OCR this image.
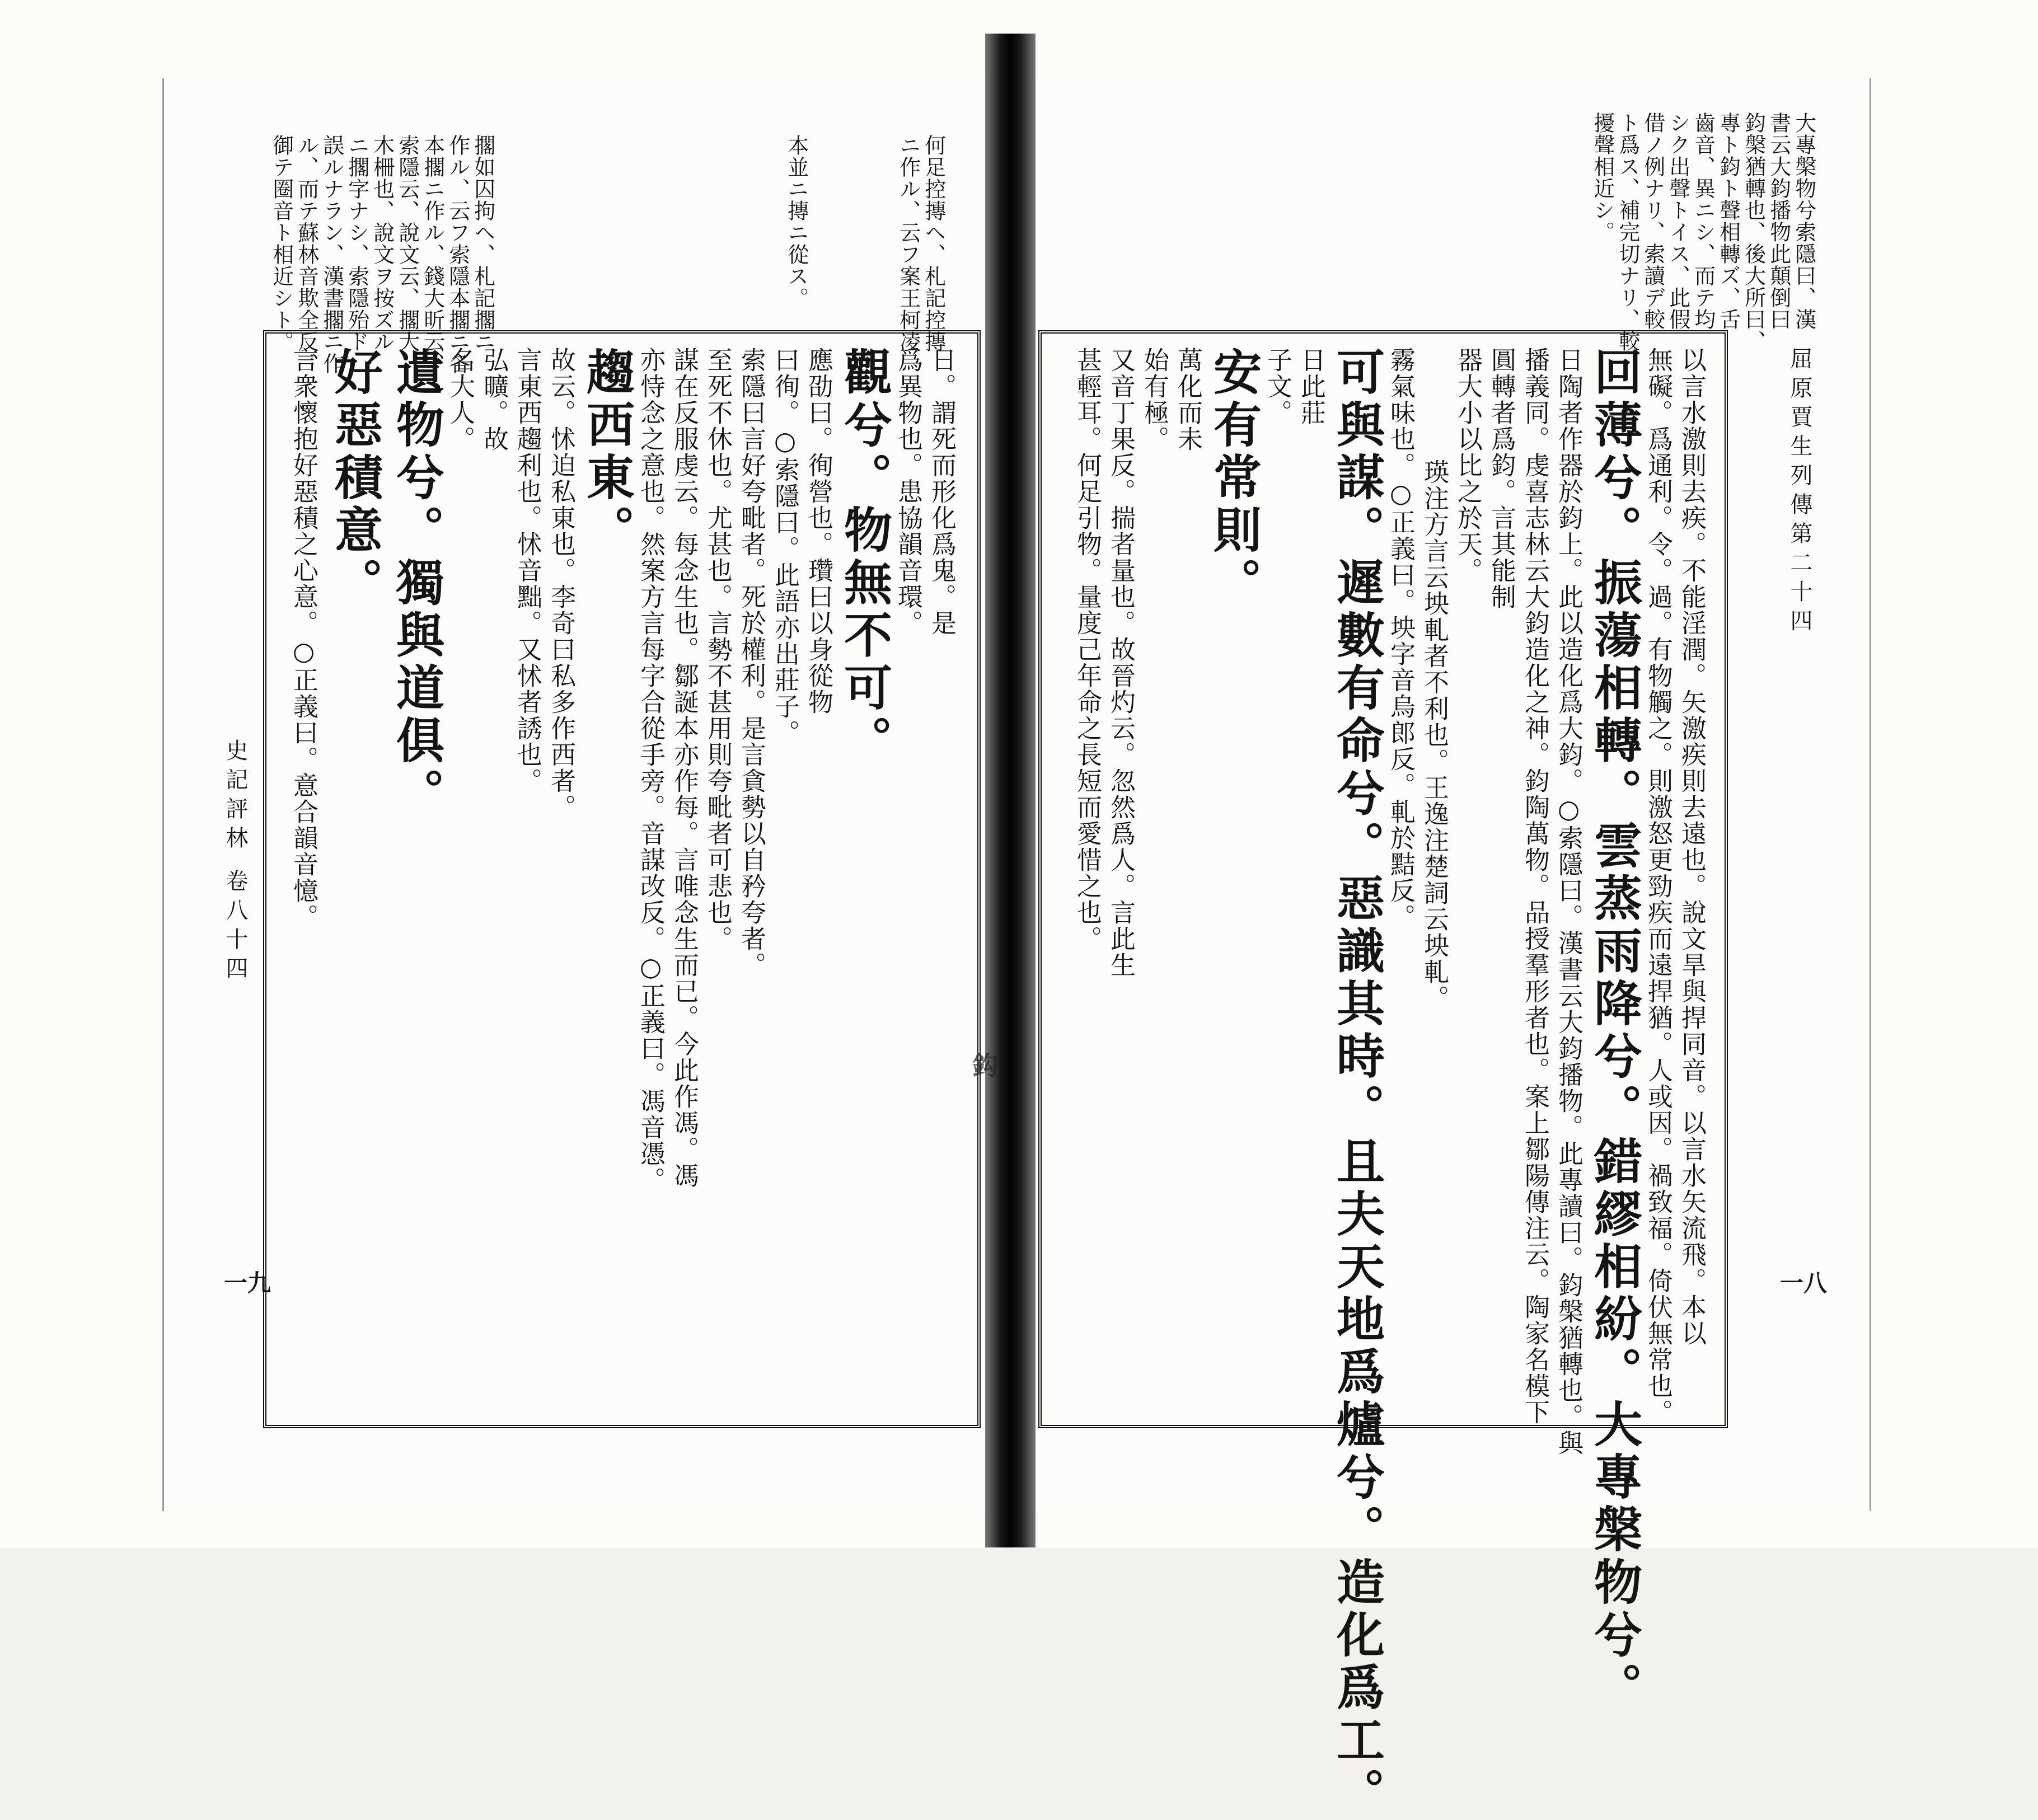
屈原賈生列傳第二十四
史記評林 卷八十四
一八
一九
鈎
大專槃物兮索隱曰、漢
書云大鈞播物此顛倒曰
鈞槃猶轉也、後大所曰、
專ト鈞ト聲相轉ズ、舌
齒音、異ニシ、而テ均
シク出聲トイス、此假
借ノ例ナリ、索讀デ較
ト爲ス、補完切ナリ、較
擾聲相近シ。
何足控摶ヘ、札記控摶
ニ作ル、云フ案王柯凌
本並ニ摶ニ從ス。
擱如囚拘ヘ、札記擱ニ
作ル、云フ索隱本擱ニ各
本擱ニ作ル、錢大昕云、
索隱云、說文云、擱大
木柵也、說文ヲ按ズル
ニ擱字ナシ、索隱殆ド
誤ルナラン、漢書擱ニ作
ル、而テ蘇林音欺全反、
御テ圈音ト相近シト。
以言水激則去疾。不能淫潤。矢激疾則去遠也。說文旱與捍同音。以言水矢流飛。本以
無礙。爲通利。令。過。有物觸之。則激怒更勁疾而遠捍猶。人或因。禍致福。倚伏無常也。
回薄兮。振蕩相轉。雲蒸雨降兮。錯繆相紛。大專槃物兮。
日陶者作器於鈞上。此以造化爲大鈞。○索隱曰。漢書云大鈞播物。此專讀曰。鈞槃猶轉也。與
播義同。虔喜志林云大鈞造化之神。鈞陶萬物。品授羣形者也。案上鄒陽傳注云。陶家名模下
圓轉者爲鈞。言其能制
器大小以比之於天。
瑛注方言云坱軋者不利也。王逸注楚詞云坱軋。
霧氣味也。○正義曰。坱字音烏郎反。軋於黠反。
可與謀。遲數有命兮。惡識其時。且夫天地爲爐兮。造化爲工。
日此莊
子文。
安有常則。
萬化而未
始有極。
又音丁果反。揣者量也。故晉灼云。忽然爲人。言此生
甚輕耳。何足引物。量度己年命之長短而愛惜之也。
日。謂死而形化爲鬼。是
爲異物也。患協韻音環。
觀兮。物無不可。
應劭曰。徇營也。瓚曰以身從物
曰徇。○索隱曰。此語亦出莊子。
索隱曰言好夸毗者。死於權利。是言貪勢以自矜夸者。
至死不休也。尤甚也。言勢不甚用則夸毗者可悲也。
謀在反服虔云。每念生也。鄒誕本亦作每。言唯念生而已。今此作馮。馮
亦恃念之意也。然案方言每字合從手旁。音謀改反。○正義曰。馮音憑。
趨西東。
故云。怵迫私東也。李奇曰私多作西者。
言東西趨利也。怵音黜。又怵者誘也。
弘曠。故
名大人。
遺物兮。獨與道俱。
好惡積意。
言衆懷抱好惡積之心意。○正義曰。意合韻音憶。
